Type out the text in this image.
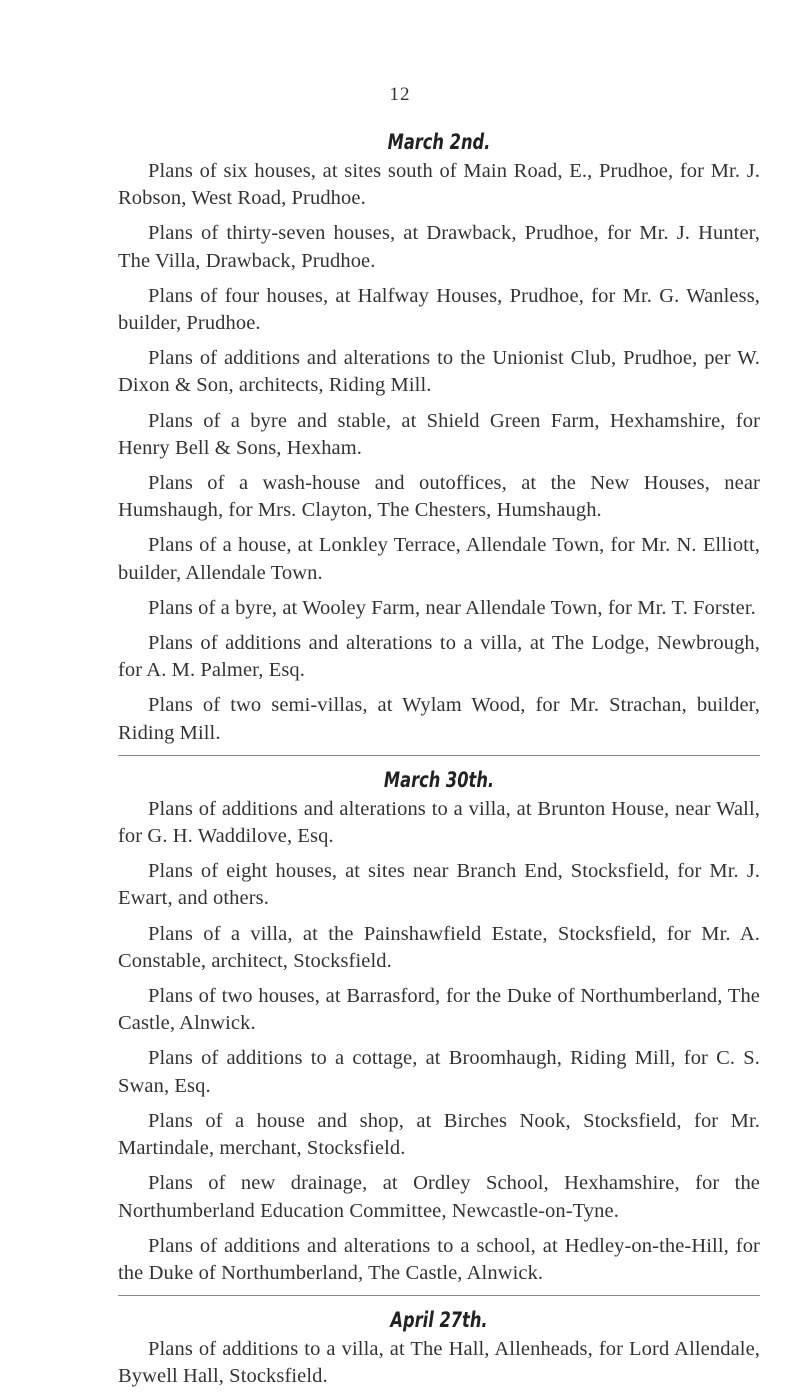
12
March 2nd.

Plans of six houses, at sites south of Main Road, E., Prudhoe, for Mr. J. Robson, West Road, Prudhoe.

Plans of thirty-seven houses, at Drawback, Prudhoe, for Mr. J. Hunter, The Villa, Drawback, Prudhoe.

Plans of four houses, at Halfway Houses, Prudhoe, for Mr. G. Wanless, builder, Prudhoe.

Plans of additions and alterations to the Unionist Club, Prudhoe, per W. Dixon & Son, architects, Riding Mill.

Plans of a byre and stable, at Shield Green Farm, Hexhamshire, for Henry Bell & Sons, Hexham.

Plans of a wash-house and outoffices, at the New Houses, near Humshaugh, for Mrs. Clayton, The Chesters, Humshaugh.

Plans of a house, at Lonkley Terrace, Allendale Town, for Mr. N. Elliott, builder, Allendale Town.

Plans of a byre, at Wooley Farm, near Allendale Town, for Mr. T. Forster.

Plans of additions and alterations to a villa, at The Lodge, Newbrough, for A. M. Palmer, Esq.

Plans of two semi-villas, at Wylam Wood, for Mr. Strachan, builder, Riding Mill.

March 30th.

Plans of additions and alterations to a villa, at Brunton House, near Wall, for G. H. Waddilove, Esq.

Plans of eight houses, at sites near Branch End, Stocksfield, for Mr. J. Ewart, and others.

Plans of a villa, at the Painshawfield Estate, Stocksfield, for Mr. A. Constable, architect, Stocksfield.

Plans of two houses, at Barrasford, for the Duke of Northumberland, The Castle, Alnwick.

Plans of additions to a cottage, at Broomhaugh, Riding Mill, for C. S. Swan, Esq.

Plans of a house and shop, at Birches Nook, Stocksfield, for Mr. Martindale, merchant, Stocksfield.

Plans of new drainage, at Ordley School, Hexhamshire, for the Northumberland Education Committee, Newcastle-on-Tyne.

Plans of additions and alterations to a school, at Hedley-on-the-Hill, for the Duke of Northumberland, The Castle, Alnwick.

April 27th.

Plans of additions to a villa, at The Hall, Allenheads, for Lord Allendale, Bywell Hall, Stocksfield.
